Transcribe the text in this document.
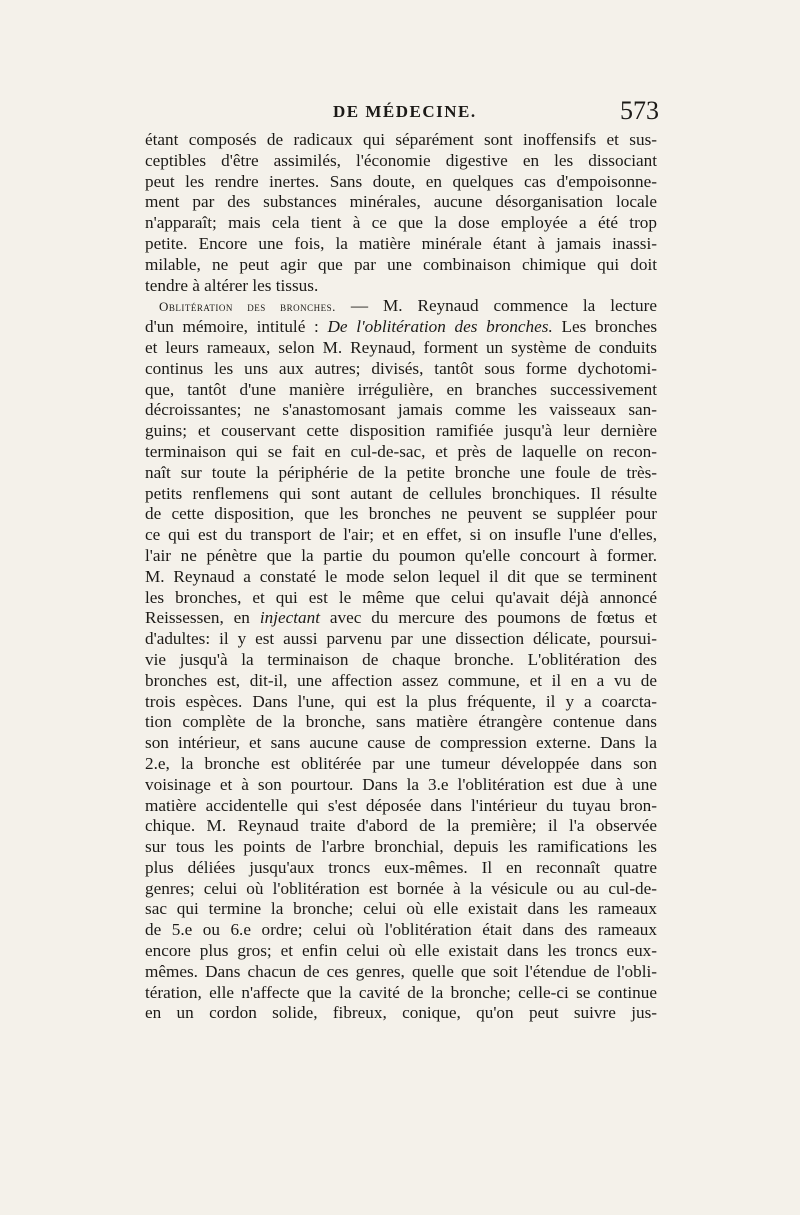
DE MÉDECINE.	573
étant composés de radicaux qui séparément sont inoffensifs et sus-
ceptibles d'être assimilés, l'économie digestive en les dissociant
peut les rendre inertes. Sans doute, en quelques cas d'empoisonne-
ment par des substances minérales, aucune désorganisation locale
n'apparaît; mais cela tient à ce que la dose employée a été trop
petite. Encore une fois, la matière minérale étant à jamais inassi-
milable, ne peut agir que par une combinaison chimique qui doit
tendre à altérer les tissus.
Oblitération des bronches. — M. Reynaud commence la lecture
d'un mémoire, intitulé : De l'oblitération des bronches. Les bronches
et leurs rameaux, selon M. Reynaud, forment un système de conduits
continus les uns aux autres; divisés, tantôt sous forme dychotomi-
que, tantôt d'une manière irrégulière, en branches successivement
décroissantes; ne s'anastomosant jamais comme les vaisseaux san-
guins; et couservant cette disposition ramifiée jusqu'à leur dernière
terminaison qui se fait en cul-de-sac, et près de laquelle on recon-
naît sur toute la périphérie de la petite bronche une foule de très-
petits renflemens qui sont autant de cellules bronchiques. Il résulte
de cette disposition, que les bronches ne peuvent se suppléer pour
ce qui est du transport de l'air; et en effet, si on insufle l'une d'elles,
l'air ne pénètre que la partie du poumon qu'elle concourt à former.
M. Reynaud a constaté le mode selon lequel il dit que se terminent
les bronches, et qui est le même que celui qu'avait déjà annoncé
Reissessen, en injectant avec du mercure des poumons de fœtus et
d'adultes: il y est aussi parvenu par une dissection délicate, poursui-
vie jusqu'à la terminaison de chaque bronche. L'oblitération des
bronches est, dit-il, une affection assez commune, et il en a vu de
trois espèces. Dans l'une, qui est la plus fréquente, il y a coarcta-
tion complète de la bronche, sans matière étrangère contenue dans
son intérieur, et sans aucune cause de compression externe. Dans la
2.e, la bronche est oblitérée par une tumeur développée dans son
voisinage et à son pourtour. Dans la 3.e l'oblitération est due à une
matière accidentelle qui s'est déposée dans l'intérieur du tuyau bron-
chique. M. Reynaud traite d'abord de la première; il l'a observée
sur tous les points de l'arbre bronchial, depuis les ramifications les
plus déliées jusqu'aux troncs eux-mêmes. Il en reconnaît quatre
genres; celui où l'oblitération est bornée à la vésicule ou au cul-de-
sac qui termine la bronche; celui où elle existait dans les rameaux
de 5.e ou 6.e ordre; celui où l'oblitération était dans des rameaux
encore plus gros; et enfin celui où elle existait dans les troncs eux-
mêmes. Dans chacun de ces genres, quelle que soit l'étendue de l'obli-
tération, elle n'affecte que la cavité de la bronche; celle-ci se continue
en un cordon solide, fibreux, conique, qu'on peut suivre jus-
